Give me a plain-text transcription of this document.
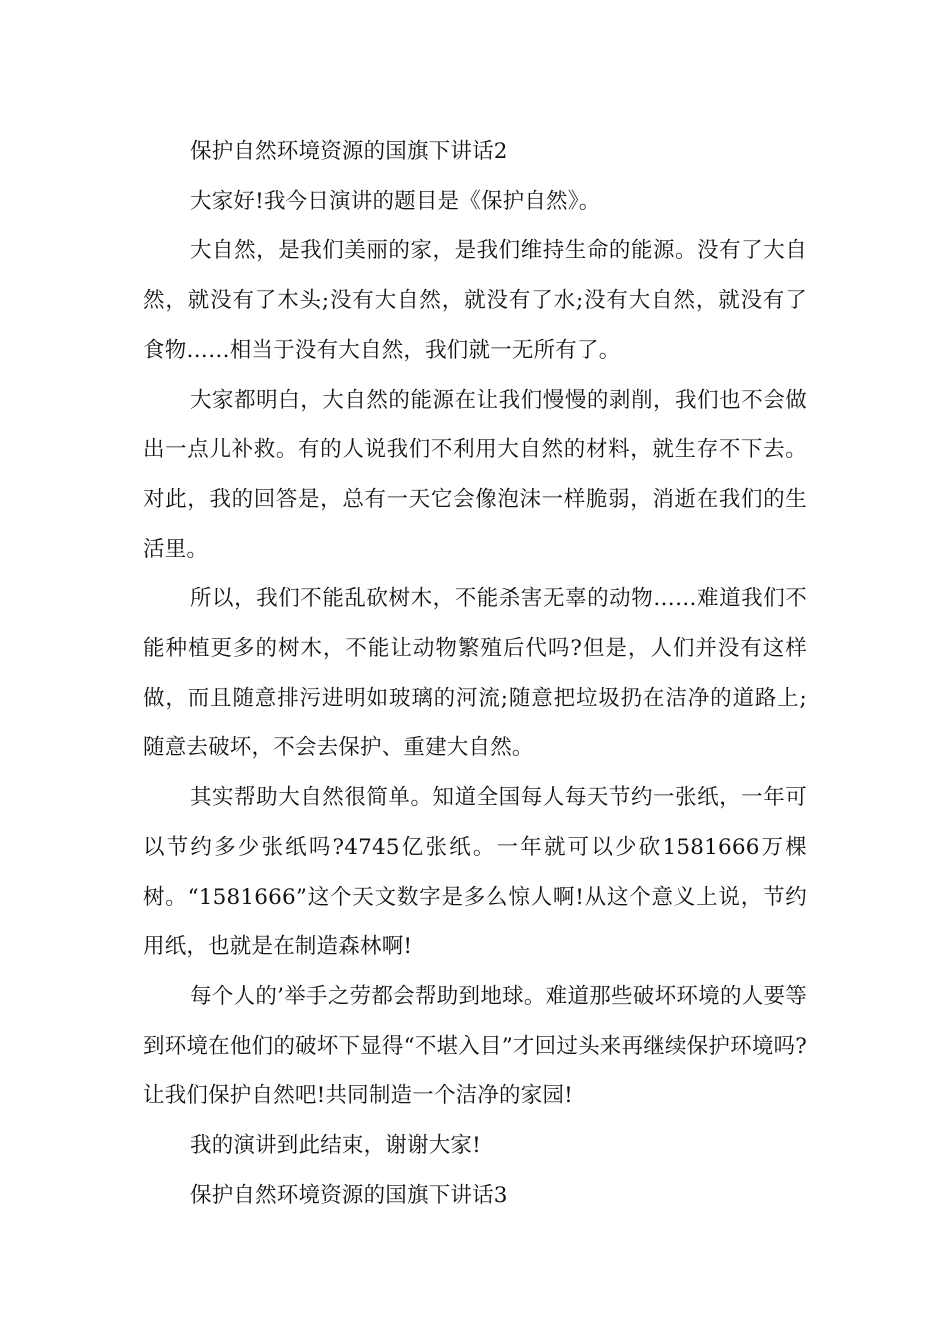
保护自然环境资源的国旗下讲话2

大家好!我今日演讲的题目是《保护自然》。

大自然，是我们美丽的家，是我们维持生命的能源。没有了大自然，就没有了木头;没有大自然，就没有了水;没有大自然，就没有了食物……相当于没有大自然，我们就一无所有了。

大家都明白，大自然的能源在让我们慢慢的剥削，我们也不会做出一点儿补救。有的人说我们不利用大自然的材料，就生存不下去。对此，我的回答是，总有一天它会像泡沫一样脆弱，消逝在我们的生活里。

所以，我们不能乱砍树木，不能杀害无辜的动物……难道我们不能种植更多的树木，不能让动物繁殖后代吗?但是，人们并没有这样做，而且随意排污进明如玻璃的河流;随意把垃圾扔在洁净的道路上;随意去破坏，不会去保护、重建大自然。

其实帮助大自然很简单。知道全国每人每天节约一张纸，一年可以节约多少张纸吗?4745亿张纸。一年就可以少砍1581666万棵树。“1581666”这个天文数字是多么惊人啊!从这个意义上说，节约用纸，也就是在制造森林啊!

每个人的’举手之劳都会帮助到地球。难道那些破坏环境的人要等到环境在他们的破坏下显得“不堪入目”才回过头来再继续保护环境吗?让我们保护自然吧!共同制造一个洁净的家园!

我的演讲到此结束，谢谢大家!

保护自然环境资源的国旗下讲话3
